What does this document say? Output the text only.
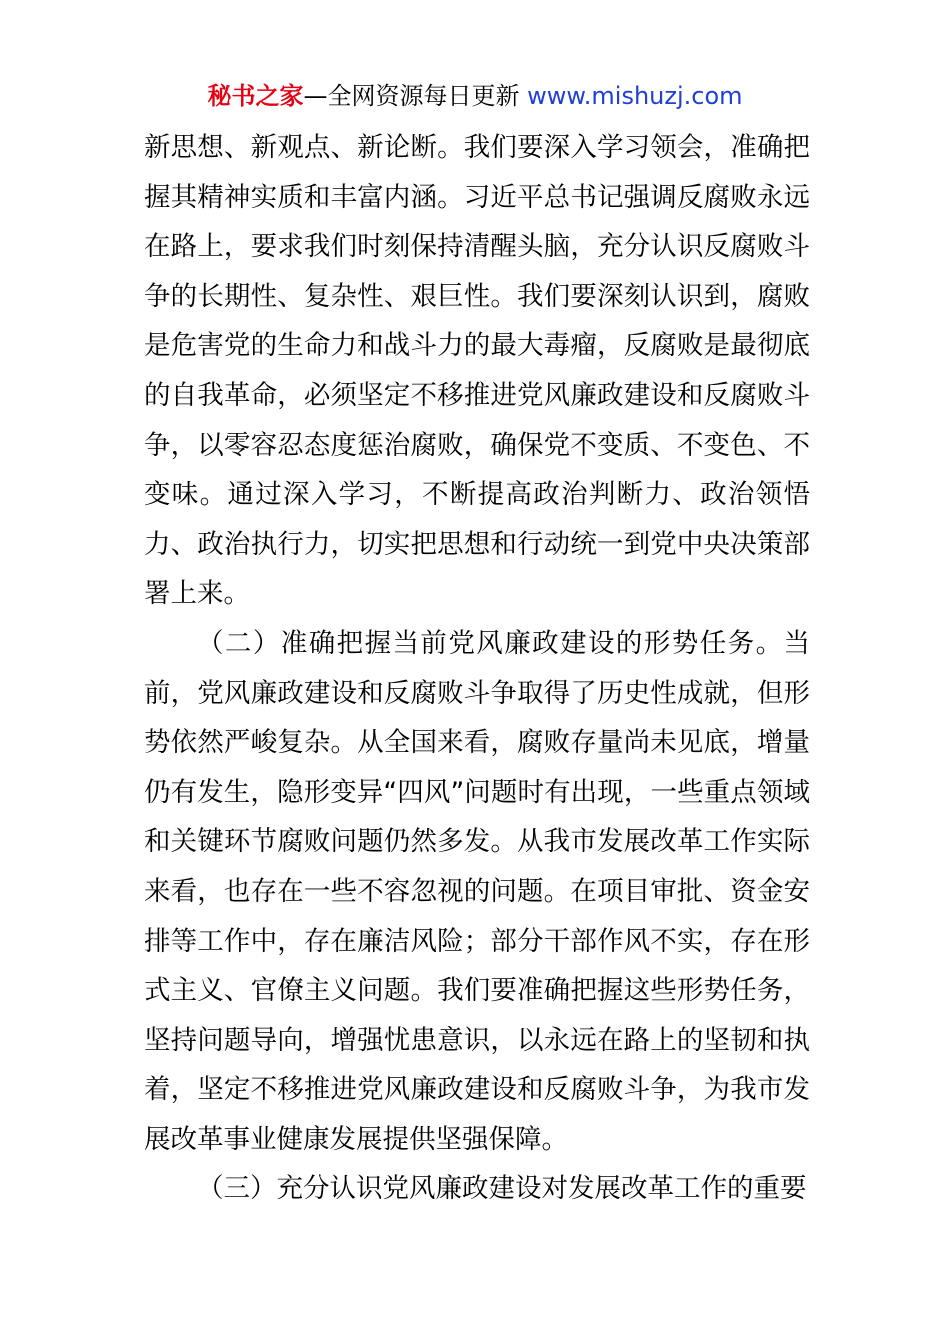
秘书之家—全网资源每日更新 www.mishuzj.com

新思想、新观点、新论断。我们要深入学习领会，准确把握其精神实质和丰富内涵。习近平总书记强调反腐败永远在路上，要求我们时刻保持清醒头脑，充分认识反腐败斗争的长期性、复杂性、艰巨性。我们要深刻认识到，腐败是危害党的生命力和战斗力的最大毒瘤，反腐败是最彻底的自我革命，必须坚定不移推进党风廉政建设和反腐败斗争，以零容忍态度惩治腐败，确保党不变质、不变色、不变味。通过深入学习，不断提高政治判断力、政治领悟力、政治执行力，切实把思想和行动统一到党中央决策部署上来。

（二）准确把握当前党风廉政建设的形势任务。当前，党风廉政建设和反腐败斗争取得了历史性成就，但形势依然严峻复杂。从全国来看，腐败存量尚未见底，增量仍有发生，隐形变异“四风”问题时有出现，一些重点领域和关键环节腐败问题仍然多发。从我市发展改革工作实际来看，也存在一些不容忽视的问题。在项目审批、资金安排等工作中，存在廉洁风险；部分干部作风不实，存在形式主义、官僚主义问题。我们要准确把握这些形势任务，坚持问题导向，增强忧患意识，以永远在路上的坚韧和执着，坚定不移推进党风廉政建设和反腐败斗争，为我市发展改革事业健康发展提供坚强保障。

（三）充分认识党风廉政建设对发展改革工作的重要
